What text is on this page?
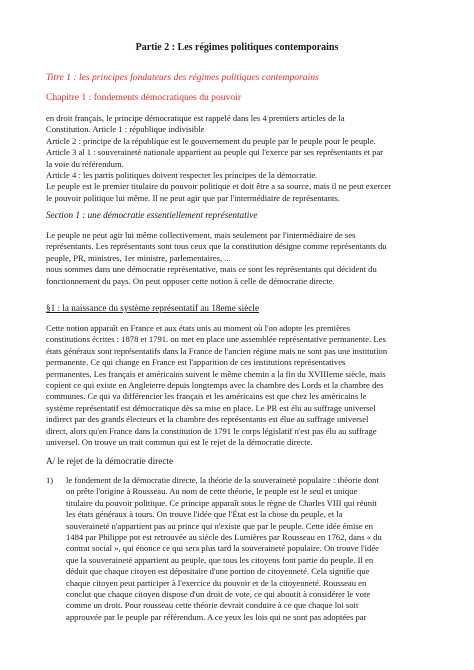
Partie 2 : Les régimes politiques contemporains
Titre 1 : les principes fondateurs des régimes politiques contemporains
Chapitre 1 : fondements démocratiques du pouvoir

en droit français, le principe démocratique est rappelé dans les 4 premiers articles de la

Constitution. Article 1 : république indivisible

Article 2 : principe de la république est le gouvernement du peuple par le peuple pour le peuple.

Article 3 al 1 : souveraineté nationale appartient au peuple qui l'exerce par ses représentants et par

la voie du référendum.

Article 4 : les partis politiques doivent respecter les principes de la démocratie.

Le peuple est le premier titulaire du pouvoir politique et doit être a sa source, mais il ne peut exercer

le pouvoir politique lui même. Il ne peut agir que par l'intermédiaire de représentants.

Section 1 : une démocratie essentiellement représentative

Le peuple ne peut agir lui même collectivement, mais seulement par l'intermédiaire de ses

représentants. Les représentants sont tous ceux que la constitution désigne comme représentants du

peuple, PR, ministres, 1er ministre, parlementaires, ...

nous sommes dans une démocratie représentative, mais ce sont les représentants qui décident du

fonctionnement du pays. On peut opposer cette notion à celle de démocratie directe.

§1 : la naissance du système représentatif au 18eme siècle

Cette notion apparaît en France et aux états unis au moment où l'on adopte les premières

constitutions écrites : 1878 et 1791. on met en place une assemblée représentative permanente. Les

états généraux sont représentatifs dans la France de l'ancien régime mais ne sont pas une institution

permanente. Ce qui change en France est l'apparition de ces institutions représentatives

permanentes. Les français et américains suivent le même chemin a la fin du XVIIIeme siècle, mais

copient ce qui existe en Angleterre depuis longtemps avec la chambre des Lords et la chambre des

communes. Ce qui va différencier les français et les américains est que chez les américains le

système représentatif est démocratique dès sa mise en place. Le PR est élu au suffrage universel

indirect par des grands électeurs et la chambre des représentants est élue au suffrage universel

direct, alors qu'en France dans la constitution de 1791 le corps législatif n'est pas élu au suffrage

universel. On trouve un trait commun qui est le rejet de la démocratie directe.

A/ le rejet de la démocratie directe
1) le fondement de la démocratie directe, la théorie de la souveraineté populaire : théorie dont

on prête l'origine à Rousseau. Au nom de cette théorie, le peuple est le seul et unique

titulaire du pouvoir politique. Ce principe apparaît sous le règne de Charles VIII qui réunit

les états généraux à tours. On trouve l'idée que l'État est la chose du peuple, et la

souveraineté n'appartient pas au prince qui n'existe que par le peuple. Cette idée émise en

1484 par Philippe pot est retrouvée au siècle des Lumières par Rousseau en 1762, dans « du

contrat social », qui énonce ce qui sera plus tard la souveraineté populaire. On trouve l'idée

que la souveraineté appartient au peuple, que tous les citoyens font partie du peuple. Il en

déduit que chaque citoyen est dépositaire d'une portion de citoyenneté. Cela signifie que

chaque citoyen peut participer à l'exercice du pouvoir et de la citoyenneté. Rousseau en

conclut que chaque citoyen dispose d'un droit de vote, ce qui aboutit à considérer le vote

comme un droit. Pour rousseau cette théorie devrait conduire à ce que chaque loi soit

approuvée par le peuple par référendum. A ce yeux les lois qui ne sont pas adoptées par
